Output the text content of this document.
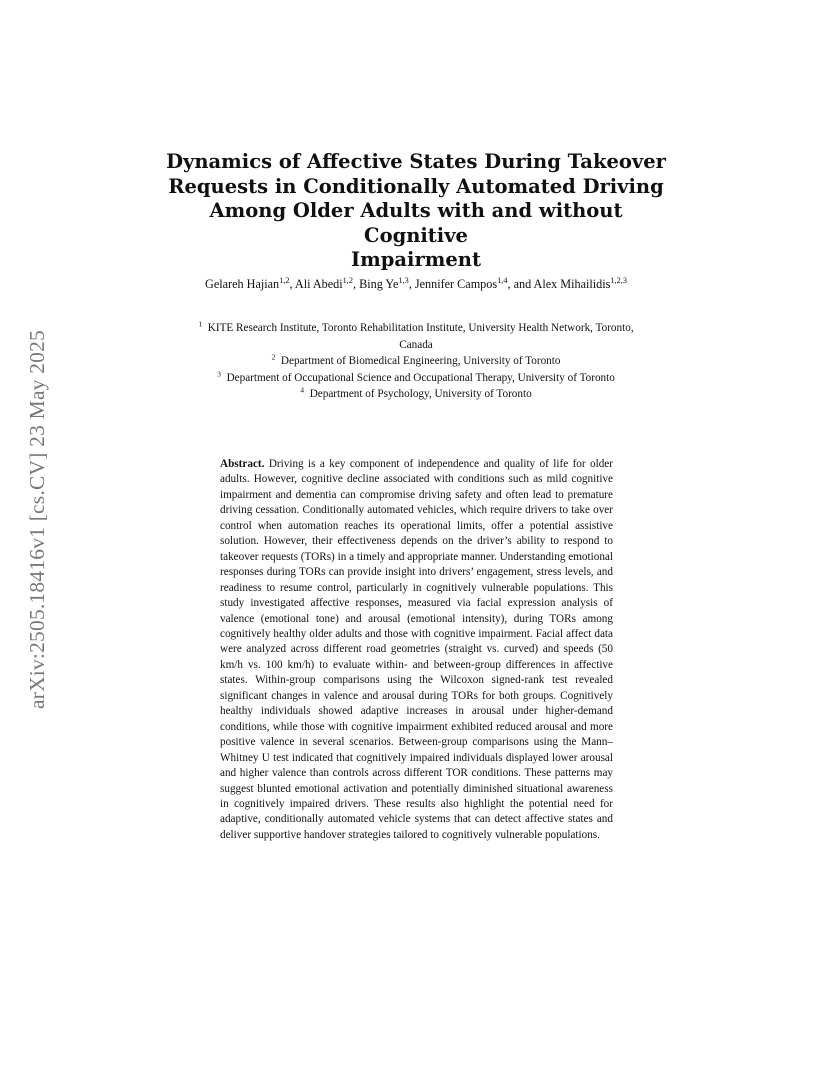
arXiv:2505.18416v1 [cs.CV] 23 May 2025
Dynamics of Affective States During Takeover
Requests in Conditionally Automated Driving
Among Older Adults with and without Cognitive
Impairment
Gelareh Hajian$^{1,2}$, Ali Abedi$^{1,2}$, Bing Ye$^{1,3}$, Jennifer Campos$^{1,4}$, and Alex Mihailidis$^{1,2,3}$
$^1$ KITE Research Institute, Toronto Rehabilitation Institute, University Health Network, Toronto, Canada
$^2$ Department of Biomedical Engineering, University of Toronto
$^3$ Department of Occupational Science and Occupational Therapy, University of Toronto
$^4$ Department of Psychology, University of Toronto
Abstract. Driving is a key component of independence and quality of life for older adults. However, cognitive decline associated with conditions such as mild cognitive impairment and dementia can compromise driving safety and often lead to premature driving cessation. Conditionally automated vehicles, which require drivers to take over control when automation reaches its operational limits, offer a potential assistive solution. However, their effectiveness depends on the driver’s ability to respond to takeover requests (TORs) in a timely and appropriate manner. Understanding emotional responses during TORs can provide insight into drivers’ engagement, stress levels, and readiness to resume control, particularly in cognitively vulnerable populations. This study investigated affective responses, measured via facial expression analysis of valence (emotional tone) and arousal (emotional intensity), during TORs among cognitively healthy older adults and those with cognitive impairment. Facial affect data were analyzed across different road geometries (straight vs. curved) and speeds (50 km/h vs. 100 km/h) to evaluate within- and between-group differences in affective states. Within-group comparisons using the Wilcoxon signed-rank test revealed significant changes in valence and arousal during TORs for both groups. Cognitively healthy individuals showed adaptive increases in arousal under higher-demand conditions, while those with cognitive impairment exhibited reduced arousal and more positive valence in several scenarios. Between-group comparisons using the Mann–Whitney U test indicated that cognitively impaired individuals displayed lower arousal and higher valence than controls across different TOR conditions. These patterns may suggest blunted emotional activation and potentially diminished situational awareness in cognitively impaired drivers. These results also highlight the potential need for adaptive, conditionally automated vehicle systems that can detect affective states and deliver supportive handover strategies tailored to cognitively vulnerable populations.
